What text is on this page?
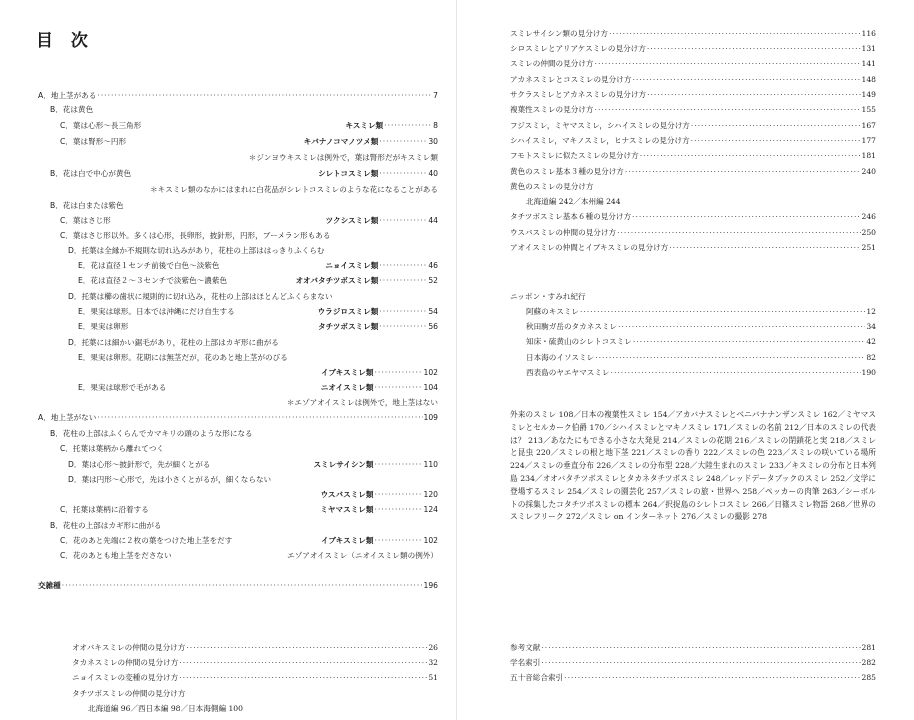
目 次
A．地上茎がある ·····	7
B．花は黄色
C．葉は心形～長三角形	キスミレ類 ·····	8
C．葉は腎形～円形	キバナノコマノツメ類 ·····	30
＊ジンヨウキスミレは例外で，葉は腎形だがキスミレ類
B．花は白で中心が黄色	シレトコスミレ類 ·····	40
＊キスミレ類のなかにはまれに白花品がシレトコスミレのような花になることがある
B．花は白または紫色
C．葉はさじ形	ツクシスミレ類 ·····	44
C．葉はさじ形以外。多くは心形，長卵形，披針形，円形，ブーメラン形もある
D．托葉は全縁か不規則な切れ込みがあり，花柱の上部ははっきりふくらむ
E．花は直径１センチ前後で白色～淡紫色	ニョイスミレ類 ·····	46
E．花は直径２～３センチで淡紫色～濃紫色	オオバタチツボスミレ類 ·····	52
D．托葉は櫛の歯状に規則的に切れ込み，花柱の上部はほとんどふくらまない
E．果実は球形。日本では沖縄にだけ自生する	ウラジロスミレ類 ·····	54
E．果実は卵形	タチツボスミレ類 ·····	56
D．托葉には細かい鋸毛があり，花柱の上部はカギ形に曲がる
E．果実は卵形。花期には無茎だが，花のあと地上茎がのびる
イブキスミレ類 ·····	102
E．果実は球形で毛がある	ニオイスミレ類 ·····	104
＊エゾアオイスミレは例外で，地上茎はない
A．地上茎がない ·····	109
B．花柱の上部はふくらんでカマキリの頭のような形になる
C．托葉は葉柄から離れてつく
D．葉は心形～披針形で，先が細くとがる	スミレサイシン類 ·····	110
D．葉は円形～心形で，先は小さくとがるが，細くならない
ウスバスミレ類 ·····	120
C．托葉は葉柄に沿着する	ミヤマスミレ類 ·····	124
B．花柱の上部はカギ形に曲がる
C．花のあと先端に２枚の葉をつけた地上茎をだす	イブキスミレ類 ·····	102
C．花のあとも地上茎をださない	エゾアオイスミレ（ニオイスミレ類の例外）
交雑種 ·····	196
オオバキスミレの仲間の見分け方 ·····	26
タカネスミレの仲間の見分け方 ·····	32
ニョイスミレの変種の見分け方 ·····	51
タチツボスミレの仲間の見分け方
北海道編 96／西日本編 98／日本海側編 100
スミレサイシン類の見分け方 ·····	116
シロスミレとアリアケスミレの見分け方 ·····	131
スミレの仲間の見分け方 ·····	141
アカネスミレとコスミレの見分け方 ·····	148
サクラスミレとアカネスミレの見分け方 ·····	149
複葉性スミレの見分け方 ·····	155
フジスミレ，ミヤマスミレ，シハイスミレの見分け方 ·····	167
シハイスミレ，マキノスミレ，ヒナスミレの見分け方 ·····	177
フモトスミレに似たスミレの見分け方 ·····	181
黄色のスミレ基本３種の見分け方 ·····	240
黄色のスミレの見分け方
北海道編 242／本州編 244
タチツボスミレ基本６種の見分け方 ·····	246
ウスバスミレの仲間の見分け方 ·····	250
アオイスミレの仲間とイブキスミレの見分け方 ·····	251
ニッポン・すみれ紀行
阿蘇のキスミレ ·····	12
秋田駒ガ岳のタカネスミレ ·····	34
知床・硫黄山のシレトコスミレ ·····	42
日本海のイソスミレ ·····	82
西表島のヤエヤマスミレ ·····	190
外来のスミレ 108／日本の複葉性スミレ 154／アカバナスミレとベニバナナンザンスミレ 162／ミヤマスミレとセルカーク伯爵 170／シハイスミレとマキノスミレ 171／スミレの名前 212／日本のスミレの代表は？ 213／あなたにもできる小さな大発見 214／スミレの花期 216／スミレの閉鎖花と実 218／スミレと昆虫 220／スミレの根と地下茎 221／スミレの香り 222／スミレの色 223／スミレの咲いている場所 224／スミレの垂直分布 226／スミレの分布型 228／大陸生まれのスミレ 233／キスミレの分布と日本列島 234／オオバタチツボスミレとタカネタチツボスミレ 248／レッドデータブックのスミレ 252／文学に登場するスミレ 254／スミレの園芸化 257／スミレの旅・世界へ 258／ペッカーの肉筆 263／シーボルトの採集したコタチツボスミレの標本 264／択捉島のシレトコスミレ 266／日篠スミレ物語 268／世界のスミレフリーク 272／スミレ on インターネット 276／スミレの撮影 278
参考文献 ·····	281
学名索引 ·····	282
五十音総合索引 ·····	285
